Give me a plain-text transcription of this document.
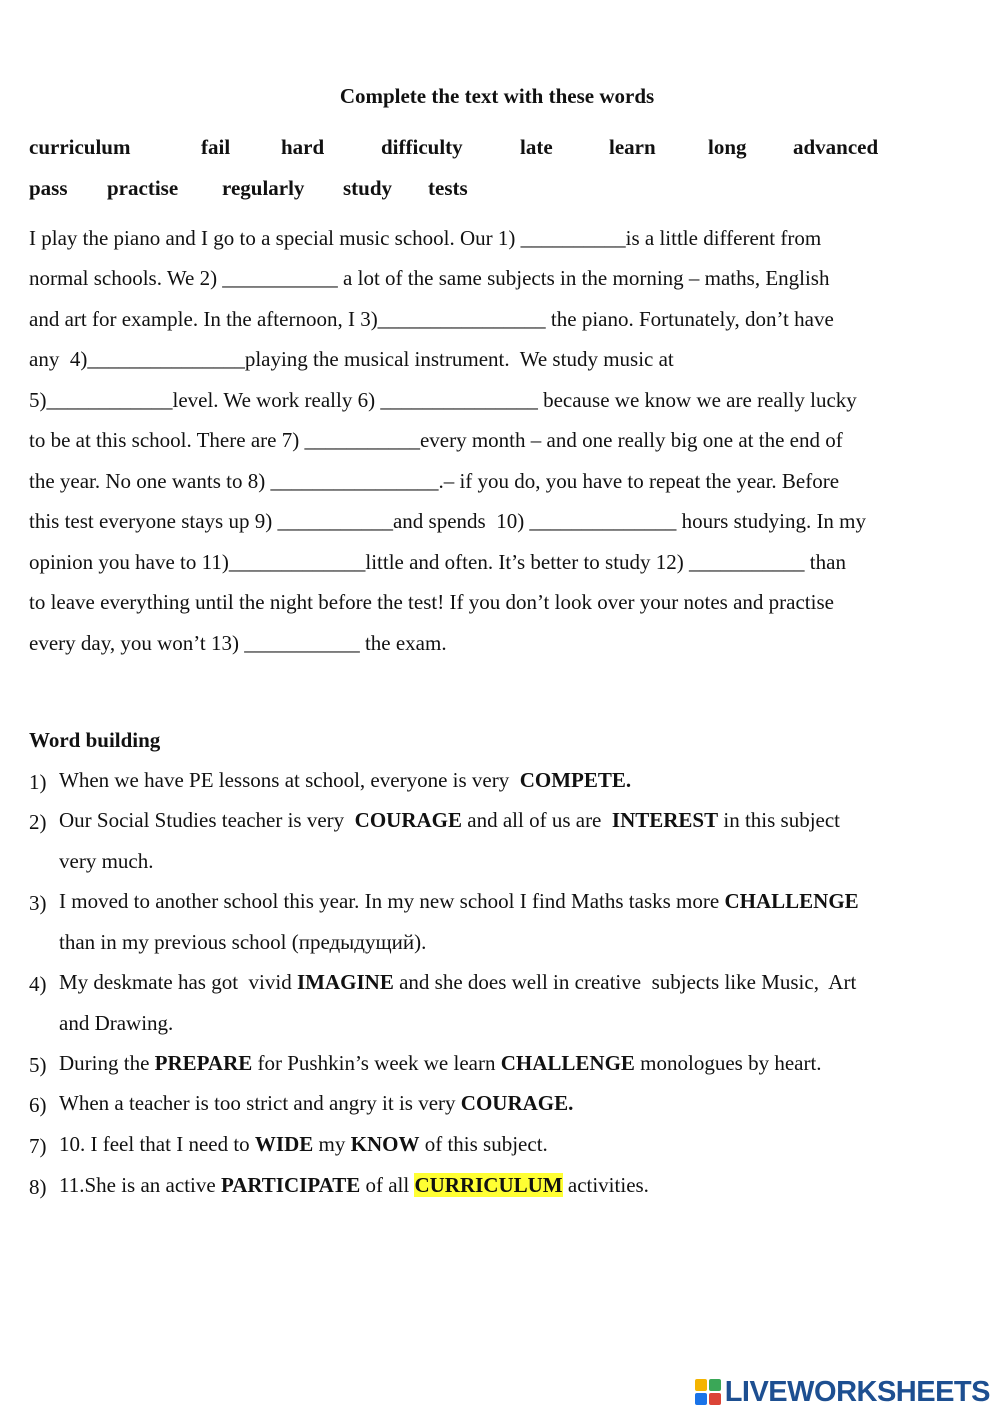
Complete the text with these words
curriculum	fail hard	difficulty	late	learn long advanced
pass practise regularly study tests
I play the piano and I go to a special music school. Our 1) __________is a little different from
normal schools. We 2) ___________ a lot of the same subjects in the morning – maths, English
and art for example. In the afternoon, I 3)________________ the piano. Fortunately, don’t have
any  4)_______________playing the musical instrument.  We study music at
5)____________level. We work really 6) _______________ because we know we are really lucky
to be at this school. There are 7) ___________every month – and one really big one at the end of
the year. No one wants to 8) ________________.– if you do, you have to repeat the year. Before
this test everyone stays up 9) ___________and spends  10) ______________ hours studying. In my
opinion you have to 11)_____________little and often. It’s better to study 12) ___________ than
to leave everything until the night before the test! If you don’t look over your notes and practise
every day, you won’t 13) ___________ the exam.
Word building
1) When we have PE lessons at school, everyone is very  COMPETE.
2) Our Social Studies teacher is very  COURAGE and all of us are  INTEREST in this subject
very much.
3) I moved to another school this year. In my new school I find Maths tasks more CHALLENGE
than in my previous school (предыдущий).
4) My deskmate has got  vivid IMAGINE and she does well in creative  subjects like Music,  Art
and Drawing.
5) During the PREPARE for Pushkin’s week we learn CHALLENGE monologues by heart.
6) When a teacher is too strict and angry it is very COURAGE.
7) 10. I feel that I need to WIDE my KNOW of this subject.
8) 11.She is an active PARTICIPATE of all CURRICULUM activities.
LIVEWORKSHEETS
